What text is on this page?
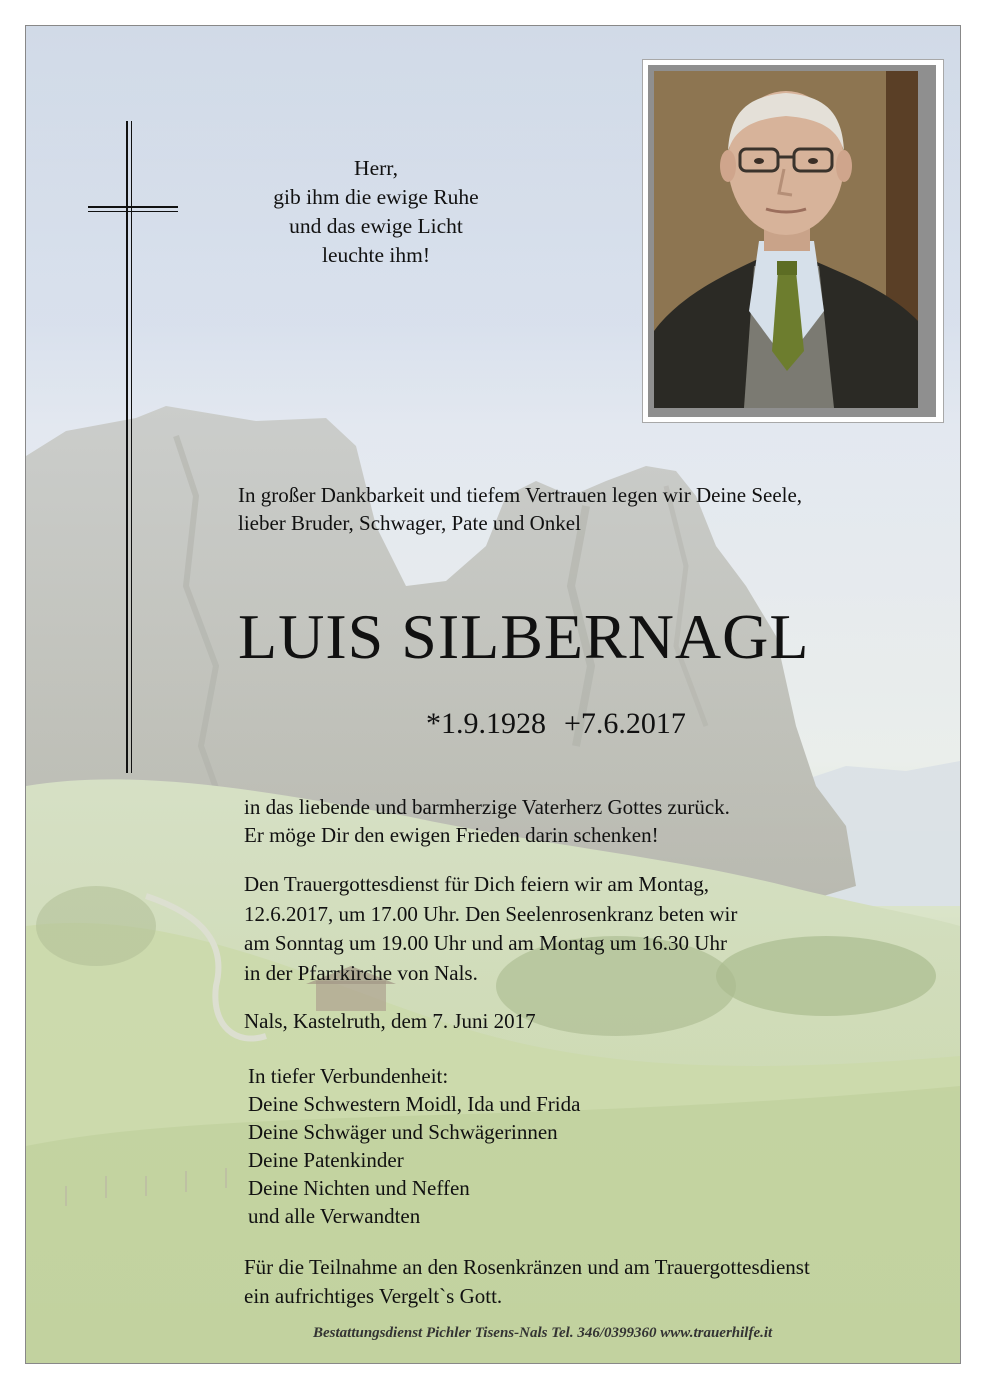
Herr,
gib ihm die ewige Ruhe
und das ewige Licht
leuchte ihm!
In großer Dankbarkeit und tiefem Vertrauen legen wir Deine Seele,
lieber Bruder, Schwager, Pate und Onkel
LUIS SILBERNAGL
*1.9.1928 +7.6.2017
in das liebende und barmherzige Vaterherz Gottes zurück.
Er möge Dir den ewigen Frieden darin schenken!
Den Trauergottesdienst für Dich feiern wir am Montag,
12.6.2017, um 17.00 Uhr. Den Seelenrosenkranz beten wir
am Sonntag um 19.00 Uhr und am Montag um 16.30 Uhr
in der Pfarrkirche von Nals.
Nals, Kastelruth, dem 7. Juni 2017
In tiefer Verbundenheit:
Deine Schwestern Moidl, Ida und Frida
Deine Schwäger und Schwägerinnen
Deine Patenkinder
Deine Nichten und Neffen
und alle Verwandten
Für die Teilnahme an den Rosenkränzen und am Trauergottesdienst
ein aufrichtiges Vergelt`s Gott.
Bestattungsdienst Pichler Tisens-Nals Tel. 346/0399360 www.trauerhilfe.it
